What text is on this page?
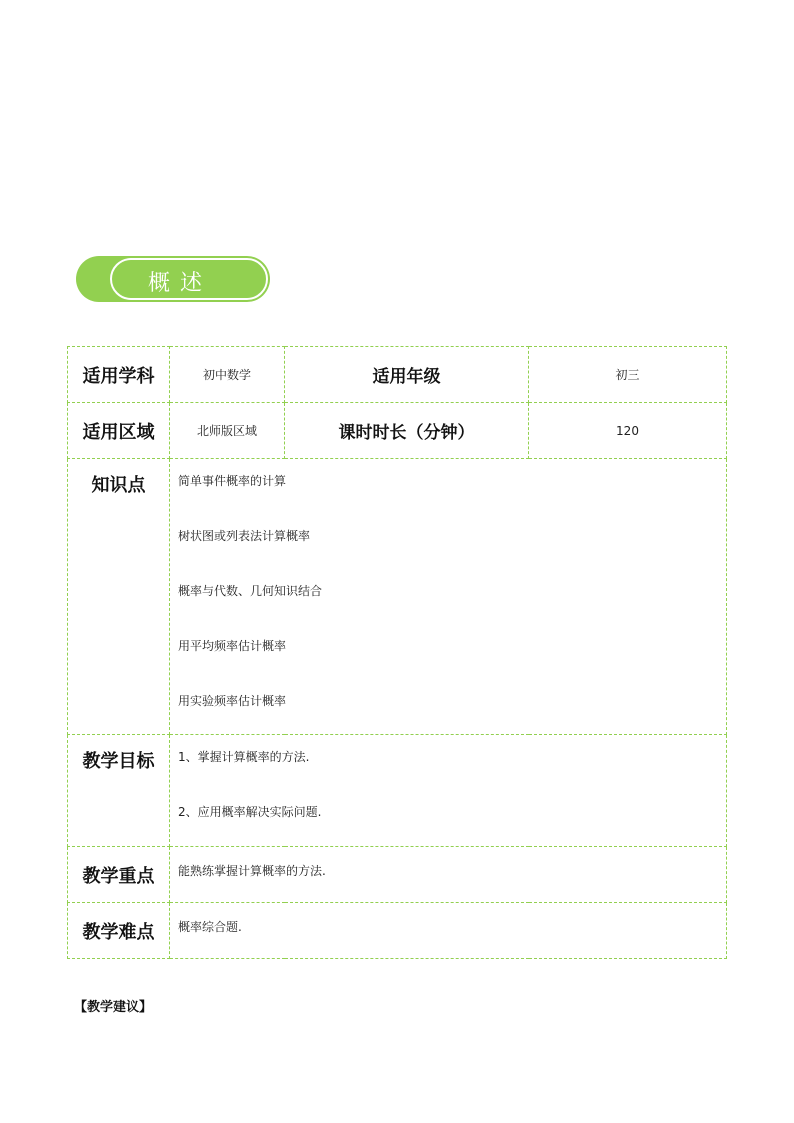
概述
适用学科	初中数学	适用年级	初三
适用区域	北师版区域	课时时长（分钟）	120
知识点	简单事件概率的计算
树状图或列表法计算概率
概率与代数、几何知识结合
用平均频率估计概率
用实验频率估计概率		

教学目标	1、掌握计算概率的方法.
2、应用概率解决实际问题.		

教学重点	能熟练掌握计算概率的方法.		
教学难点	概率综合题.		
【教学建议】
